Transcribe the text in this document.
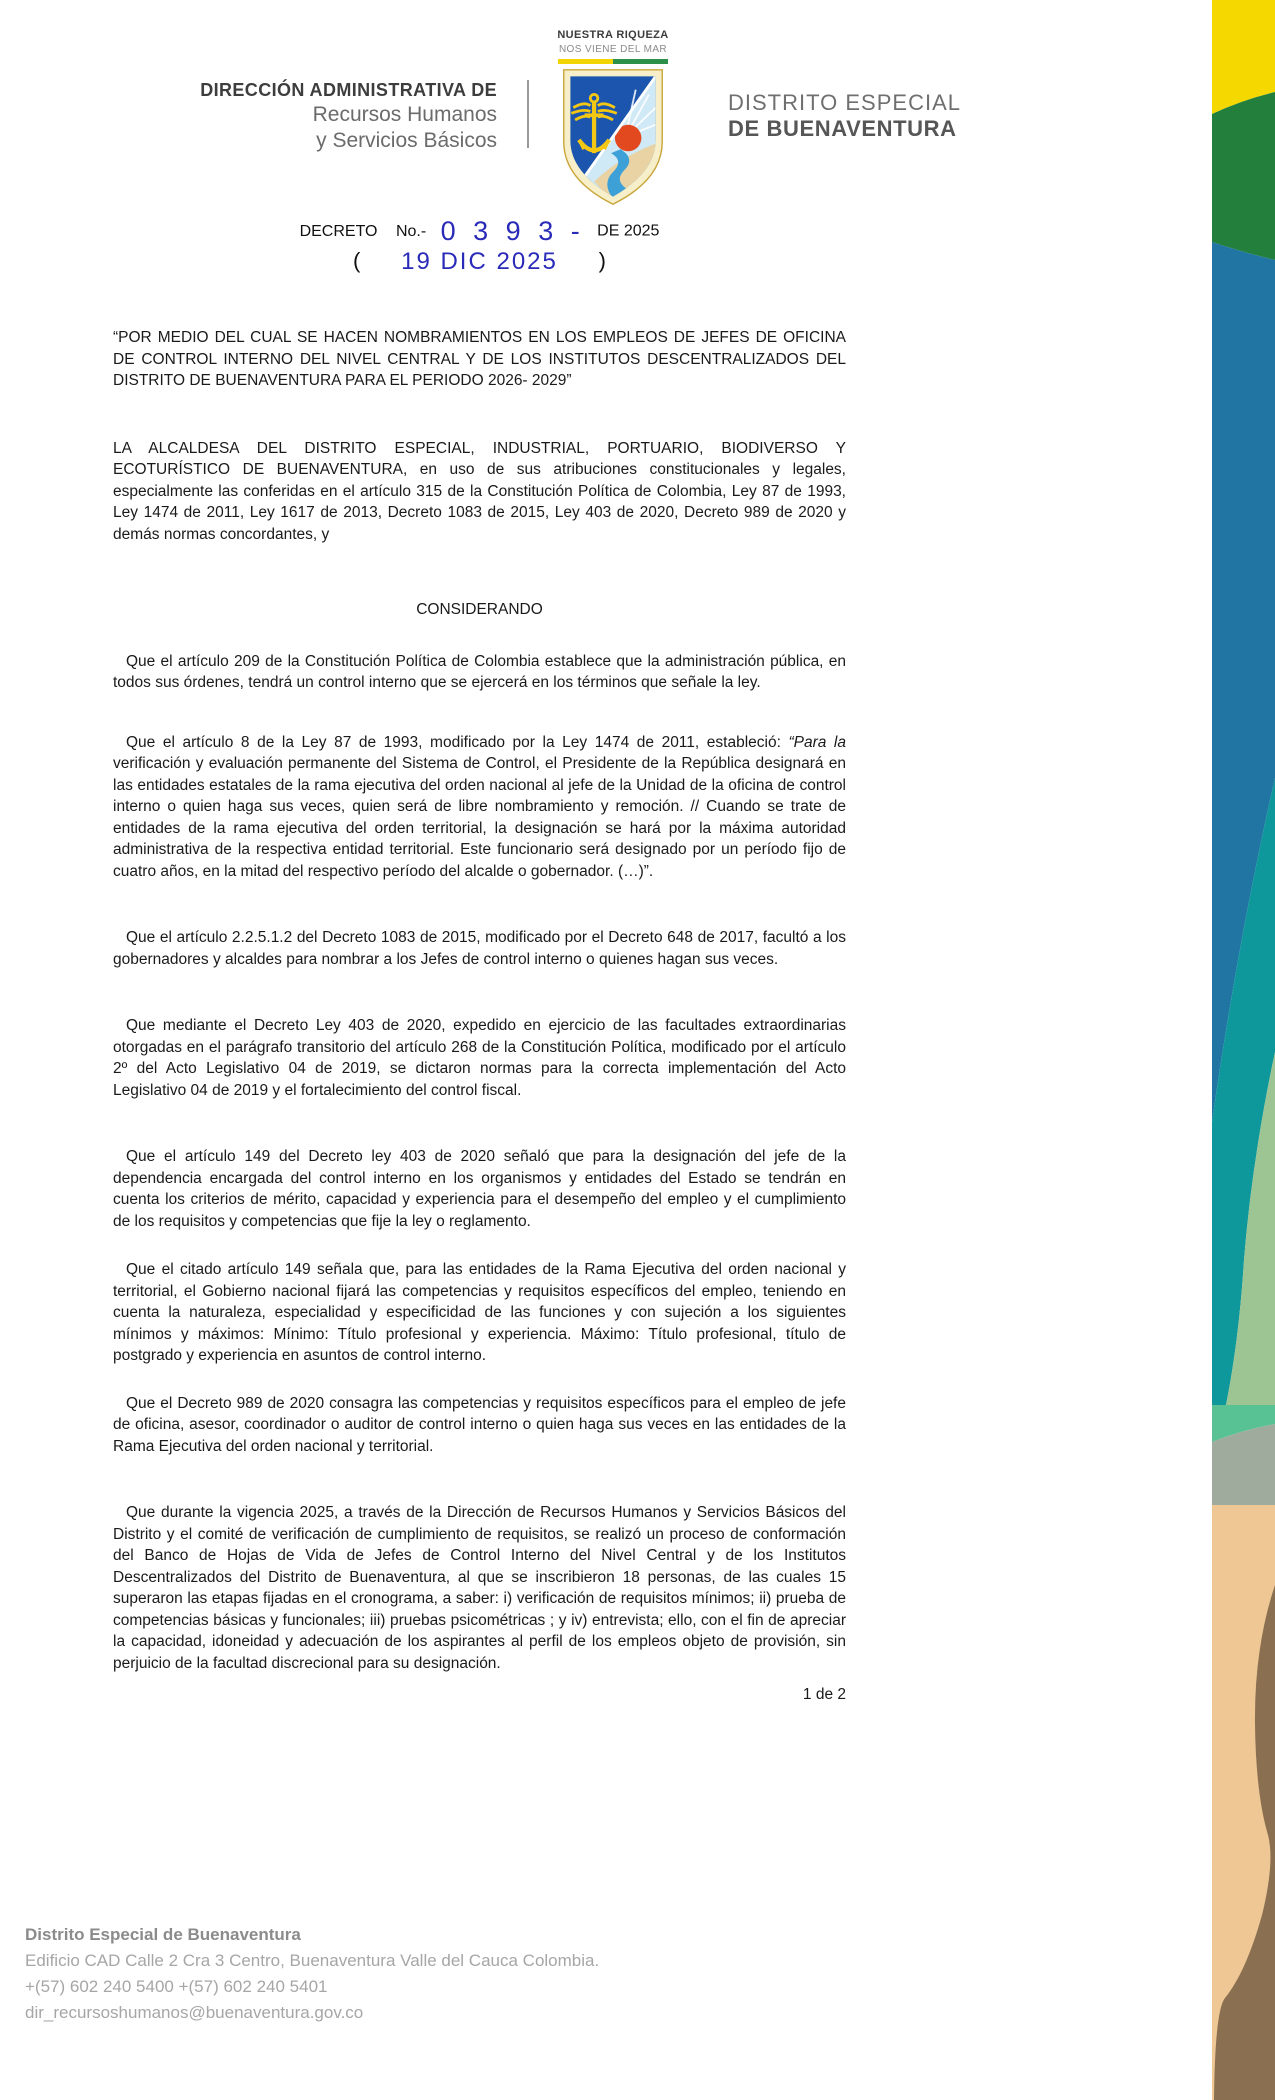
DIRECCIÓN ADMINISTRATIVA DE
Recursos Humanos
y Servicios Básicos
NUESTRA RIQUEZA
NOS VIENE DEL MAR
DISTRITO ESPECIAL
DE BUENAVENTURA
DECRETO No.- 0 3 9 3 - DE 2025
( 19 DIC 2025 )

“POR MEDIO DEL CUAL SE HACEN NOMBRAMIENTOS EN LOS EMPLEOS DE JEFES DE OFICINA DE CONTROL INTERNO DEL NIVEL CENTRAL Y DE LOS INSTITUTOS DESCENTRALIZADOS DEL DISTRITO DE BUENAVENTURA PARA EL PERIODO 2026- 2029”

LA ALCALDESA DEL DISTRITO ESPECIAL, INDUSTRIAL, PORTUARIO, BIODIVERSO Y ECOTURÍSTICO DE BUENAVENTURA, en uso de sus atribuciones constitucionales y legales, especialmente las conferidas en el artículo 315 de la Constitución Política de Colombia, Ley 87 de 1993, Ley 1474 de 2011, Ley 1617 de 2013, Decreto 1083 de 2015, Ley 403 de 2020, Decreto 989 de 2020 y demás normas concordantes, y

CONSIDERANDO

Que el artículo 209 de la Constitución Política de Colombia establece que la administración pública, en todos sus órdenes, tendrá un control interno que se ejercerá en los términos que señale la ley.

Que el artículo 8 de la Ley 87 de 1993, modificado por la Ley 1474 de 2011, estableció: “Para la verificación y evaluación permanente del Sistema de Control, el Presidente de la República designará en las entidades estatales de la rama ejecutiva del orden nacional al jefe de la Unidad de la oficina de control interno o quien haga sus veces, quien será de libre nombramiento y remoción. // Cuando se trate de entidades de la rama ejecutiva del orden territorial, la designación se hará por la máxima autoridad administrativa de la respectiva entidad territorial. Este funcionario será designado por un período fijo de cuatro años, en la mitad del respectivo período del alcalde o gobernador. (…)”.

Que el artículo 2.2.5.1.2 del Decreto 1083 de 2015, modificado por el Decreto 648 de 2017, facultó a los gobernadores y alcaldes para nombrar a los Jefes de control interno o quienes hagan sus veces.

Que mediante el Decreto Ley 403 de 2020, expedido en ejercicio de las facultades extraordinarias otorgadas en el parágrafo transitorio del artículo 268 de la Constitución Política, modificado por el artículo 2º del Acto Legislativo 04 de 2019, se dictaron normas para la correcta implementación del Acto Legislativo 04 de 2019 y el fortalecimiento del control fiscal.

Que el artículo 149 del Decreto ley 403 de 2020 señaló que para la designación del jefe de la dependencia encargada del control interno en los organismos y entidades del Estado se tendrán en cuenta los criterios de mérito, capacidad y experiencia para el desempeño del empleo y el cumplimiento de los requisitos y competencias que fije la ley o reglamento.

Que el citado artículo 149 señala que, para las entidades de la Rama Ejecutiva del orden nacional y territorial, el Gobierno nacional fijará las competencias y requisitos específicos del empleo, teniendo en cuenta la naturaleza, especialidad y especificidad de las funciones y con sujeción a los siguientes mínimos y máximos: Mínimo: Título profesional y experiencia. Máximo: Título profesional, título de postgrado y experiencia en asuntos de control interno.

Que el Decreto 989 de 2020 consagra las competencias y requisitos específicos para el empleo de jefe de oficina, asesor, coordinador o auditor de control interno o quien haga sus veces en las entidades de la Rama Ejecutiva del orden nacional y territorial.

Que durante la vigencia 2025, a través de la Dirección de Recursos Humanos y Servicios Básicos del Distrito y el comité de verificación de cumplimiento de requisitos, se realizó un proceso de conformación del Banco de Hojas de Vida de Jefes de Control Interno del Nivel Central y de los Institutos Descentralizados del Distrito de Buenaventura, al que se inscribieron 18 personas, de las cuales 15 superaron las etapas fijadas en el cronograma, a saber: i) verificación de requisitos mínimos; ii) prueba de competencias básicas y funcionales; iii) pruebas psicométricas ; y iv) entrevista; ello, con el fin de apreciar la capacidad, idoneidad y adecuación de los aspirantes al perfil de los empleos objeto de provisión, sin perjuicio de la facultad discrecional para su designación.

1 de 2
Distrito Especial de Buenaventura
Edificio CAD Calle 2 Cra 3 Centro, Buenaventura Valle del Cauca Colombia.
+(57) 602 240 5400 +(57) 602 240 5401
dir_recursoshumanos@buenaventura.gov.co
